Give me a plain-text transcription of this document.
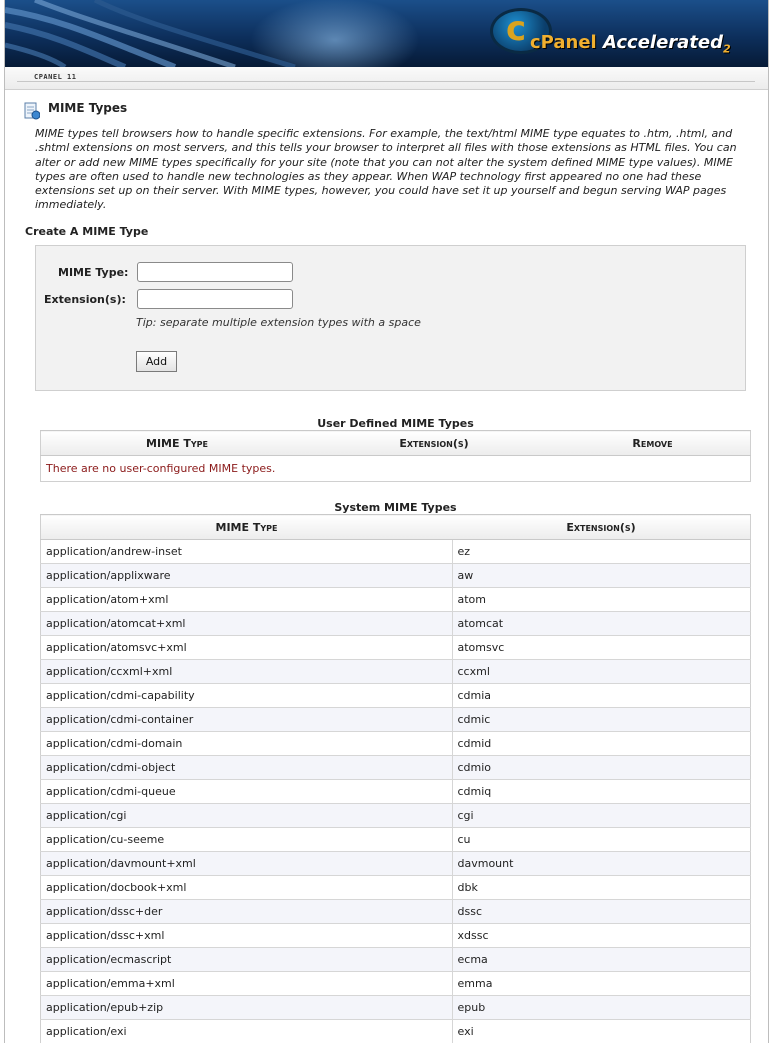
c cPanel Accelerated$_2$
CPANEL 11
MIME Types
MIME types tell browsers how to handle specific extensions. For example, the text/html MIME type equates to .htm, .html, and .shtml extensions on most servers, and this tells your browser to interpret all files with those extensions as HTML files. You can alter or add new MIME types specifically for your site (note that you can not alter the system defined MIME type values). MIME types are often used to handle new technologies as they appear. When WAP technology first appeared no one had these extensions set up on their server. With MIME types, however, you could have set it up yourself and begun serving WAP pages immediately.
Create A MIME Type
MIME Type:
Extension(s):
Tip: separate multiple extension types with a space
Add
User Defined MIME Types
MIME Type	Extension(s)	Remove
There are no user-configured MIME types.
System MIME Types
MIME Type	Extension(s)
application/andrew-inset	ez
application/applixware	aw
application/atom+xml	atom
application/atomcat+xml	atomcat
application/atomsvc+xml	atomsvc
application/ccxml+xml	ccxml
application/cdmi-capability	cdmia
application/cdmi-container	cdmic
application/cdmi-domain	cdmid
application/cdmi-object	cdmio
application/cdmi-queue	cdmiq
application/cgi	cgi
application/cu-seeme	cu
application/davmount+xml	davmount
application/docbook+xml	dbk
application/dssc+der	dssc
application/dssc+xml	xdssc
application/ecmascript	ecma
application/emma+xml	emma
application/epub+zip	epub
application/exi	exi
